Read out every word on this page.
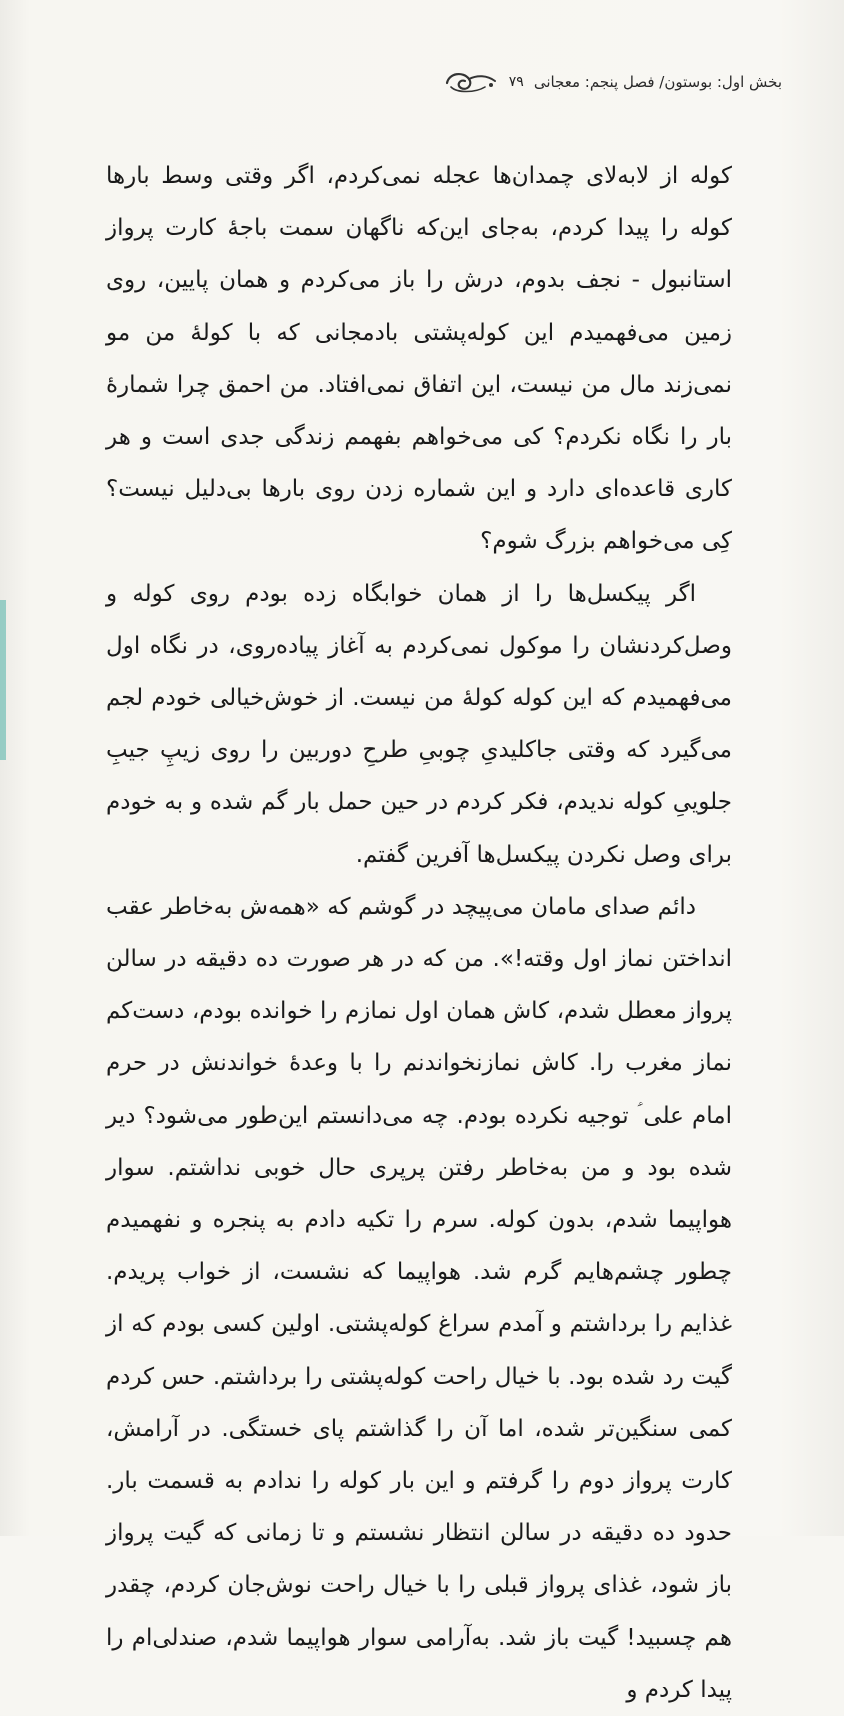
۷۹ بخش اول: بوستون/ فصل پنجم: معجانی

کوله از لابه‌لای چمدان‌ها عجله نمی‌کردم، اگر وقتی وسط بارها کوله را پیدا کردم، به‌جای این‌که ناگهان سمت باجهٔ کارت پرواز استانبول - نجف بدوم، درش را باز می‌کردم و همان پایین، روی زمین می‌فهمیدم این کوله‌پشتی بادمجانی که با کولهٔ من مو نمی‌زند مال من نیست، این اتفاق نمی‌افتاد. من احمق چرا شمارهٔ بار را نگاه نکردم؟ کی می‌خواهم بفهمم زندگی جدی است و هر کاری قاعده‌ای دارد و این شماره زدن روی بارها بی‌دلیل نیست؟ کِی می‌خواهم بزرگ شوم؟

اگر پیکسل‌ها را از همان خوابگاه زده بودم روی کوله و وصل‌کردنشان را موکول نمی‌کردم به آغاز پیاده‌روی، در نگاه اول می‌فهمیدم که این کوله کولهٔ من نیست. از خوش‌خیالی خودم لجم می‌گیرد که وقتی جاکلیدیِ چوبیِ طرحِ دوربین را روی زیپِ جیبِ جلوییِ کوله ندیدم، فکر کردم در حین حمل بار گم شده و به خودم برای وصل نکردن پیکسل‌ها آفرین گفتم.

دائم صدای مامان می‌پیچد در گوشم که «همه‌ش به‌خاطر عقب انداختن نماز اول وقته!». من که در هر صورت ده دقیقه در سالن پرواز معطل شدم، کاش همان اول نمازم را خوانده بودم، دست‌کم نماز مغرب را. کاش نمازنخواندنم را با وعدهٔ خواندنش در حرم امام علی ؑ توجیه نکرده بودم. چه می‌دانستم این‌طور می‌شود؟ دیر شده بود و من به‌خاطر رفتن پرپری حال خوبی نداشتم. سوار هواپیما شدم، بدون کوله. سرم را تکیه دادم به پنجره و نفهمیدم چطور چشم‌هایم گرم شد. هواپیما که نشست، از خواب پریدم. غذایم را برداشتم و آمدم سراغ کوله‌پشتی. اولین کسی بودم که از گیت رد شده بود. با خیال راحت کوله‌پشتی را برداشتم. حس کردم کمی سنگین‌تر شده، اما آن را گذاشتم پای خستگی. در آرامش، کارت پرواز دوم را گرفتم و این بار کوله را ندادم به قسمت بار. حدود ده دقیقه در سالن انتظار نشستم و تا زمانی که گیت پرواز باز شود، غذای پرواز قبلی را با خیال راحت نوش‌جان کردم، چقدر هم چسبید! گیت باز شد. به‌آرامی سوار هواپیما شدم، صندلی‌ام را پیدا کردم و
